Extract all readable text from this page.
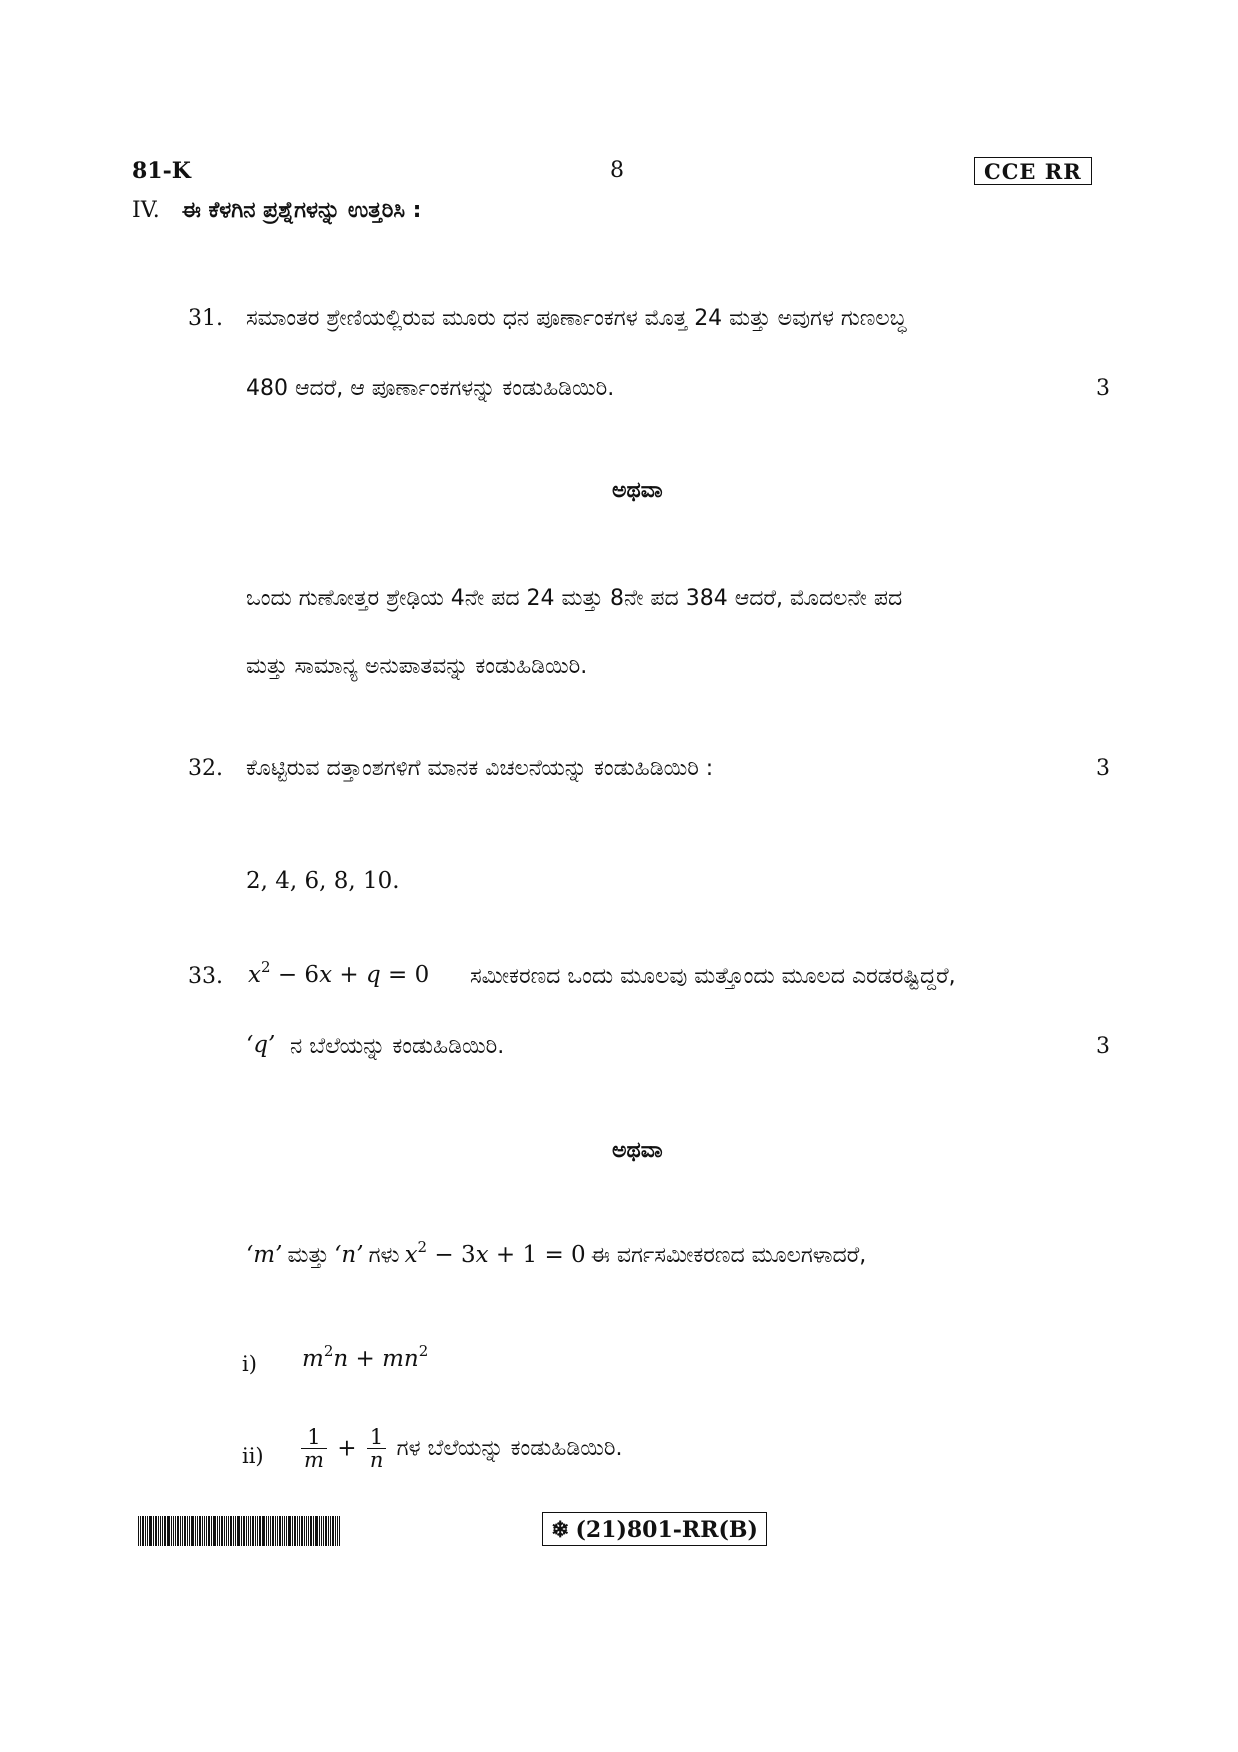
81-K	8	CCE RR
IV. ಈ ಕೆಳಗಿನ ಪ್ರಶ್ನೆಗಳನ್ನು ಉತ್ತರಿಸಿ :
31. ಸಮಾಂತರ ಶ್ರೇಣಿಯಲ್ಲಿರುವ ಮೂರು ಧನ ಪೂರ್ಣಾಂಕಗಳ ಮೊತ್ತ 24 ಮತ್ತು ಅವುಗಳ ಗುಣಲಬ್ಧ
480 ಆದರೆ, ಆ ಪೂರ್ಣಾಂಕಗಳನ್ನು ಕಂಡುಹಿಡಿಯಿರಿ.	3
ಅಥವಾ
ಒಂದು ಗುಣೋತ್ತರ ಶ್ರೇಢಿಯ 4ನೇ ಪದ 24 ಮತ್ತು 8ನೇ ಪದ 384 ಆದರೆ, ಮೊದಲನೇ ಪದ
ಮತ್ತು ಸಾಮಾನ್ಯ ಅನುಪಾತವನ್ನು ಕಂಡುಹಿಡಿಯಿರಿ.
32. ಕೊಟ್ಟಿರುವ ದತ್ತಾಂಶಗಳಿಗೆ ಮಾನಕ ವಿಚಲನೆಯನ್ನು ಕಂಡುಹಿಡಿಯಿರಿ :	3
2, 4, 6, 8, 10.
33. $x^2 - 6x + q = 0$ ಸಮೀಕರಣದ ಒಂದು ಮೂಲವು ಮತ್ತೊಂದು ಮೂಲದ ಎರಡರಷ್ಟಿದ್ದರೆ,
‘q’ ನ ಬೆಲೆಯನ್ನು ಕಂಡುಹಿಡಿಯಿರಿ.	3
ಅಥವಾ
‘m’ ಮತ್ತು ‘n’ ಗಳು $x^2 - 3x + 1 = 0$ ಈ ವರ್ಗಸಮೀಕರಣದ ಮೂಲಗಳಾದರೆ,
i) $m^2n + mn^2$
$ii) \frac{1}{m} + \frac{1}{n}$ ಗಳ ಬೆಲೆಯನ್ನು ಕಂಡುಹಿಡಿಯಿರಿ.
❄ (21)801-RR(B)
